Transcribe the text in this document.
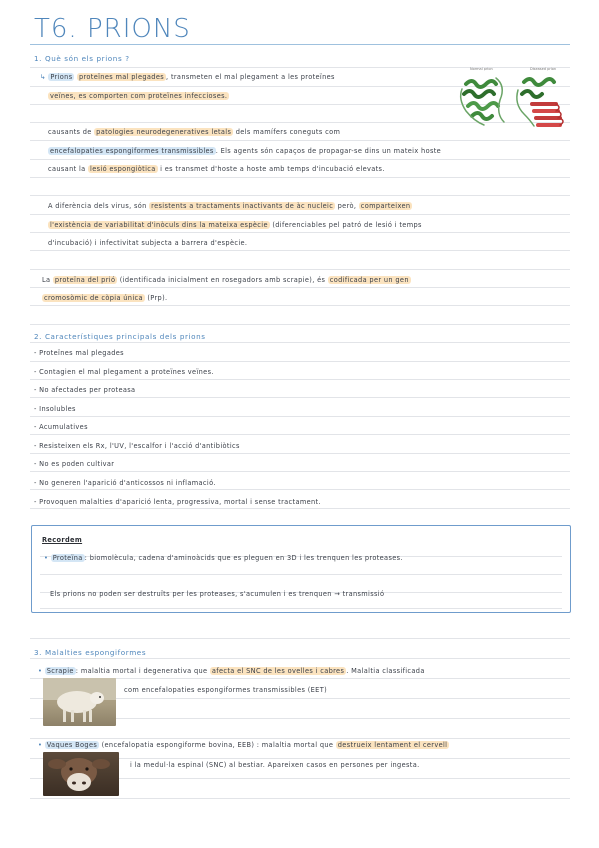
T6. PRIONS
1. Què són els prions ?
↳ Prions proteïnes mal plegades , transmeten el mal plegament a les proteïnes
veïnes, es comporten com proteïnes infeccioses.
Normal prion	Diseased prion
causants de patologies neurodegeneratives letals dels mamífers coneguts com
encefalopaties espongiformes transmissibles . Els agents són capaços de propagar-se dins un mateix hoste
causant la lesió espongiòtica i es transmet d'hoste a hoste amb temps d'incubació elevats.
A diferència dels virus, són resistents a tractaments inactivants de àc nucleic però, comparteixen
l'existència de variabilitat d'inòculs dins la mateixa espècie (diferenciables pel patró de lesió i temps
d'incubació) i infectivitat subjecta a barrera d'espècie.
La proteïna del prió (identificada inicialment en rosegadors amb scrapie), és codificada per un gen
cromosòmic de còpia única (Prp).
2. Característiques principals dels prions
- Proteïnes mal plegades
- Contagien el mal plegament a proteïnes veïnes.
- No afectades per proteasa
- Insolubles
- Acumulatives
- Resisteixen els Rx, l'UV, l'escalfor i l'acció d'antibiòtics
- No es poden cultivar
- No generen l'aparició d'anticossos ni inflamació.
- Provoquen malalties d'aparició lenta, progressiva, mortal i sense tractament.
Recordem
• Proteïna : biomolècula, cadena d'aminoàcids que es pleguen en 3D i les trenquen les proteases.
Els prions no poden ser destruïts per les proteases, s'acumulen i es trenquen → transmissió
3. Malalties espongiformes
• Scrapie : malaltia mortal i degenerativa que afecta el SNC de les ovelles i cabres . Malaltia classificada
com encefalopaties espongiformes transmissibles (EET)
• Vaques Boges (encefalopatia espongiforme bovina, EEB) : malaltia mortal que destrueix lentament el cervell
i la medul·la espinal (SNC) al bestiar. Apareixen casos en persones per ingesta.
